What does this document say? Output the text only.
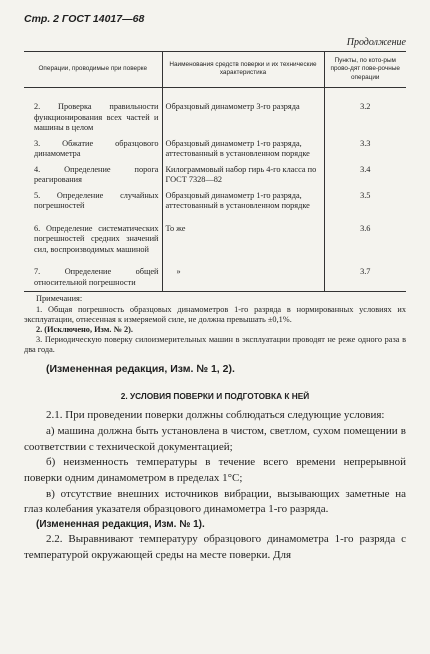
Стр. 2 ГОСТ 14017—68
Продолжение
Операции, проводимые при поверке	Наименования средств поверки и их технические характеристика	Пункты, по кото-рым прово-дят пове-рочные операции
2. Проверка правильности функционирования всех частей и машины в целом	Образцовый динамометр 3-го разряда	3.2
3. Обжатие образцового динамометра	Образцовый динамометр 1-го разряда, аттестованный в установленном порядке	3.3
4. Определение порога реагирования	Килограммовый набор гирь 4-го класса по ГОСТ 7328—82	3.4
5. Определение случайных погрешностей	Образцовый динамометр 1-го разряда, аттестованный в установленном порядке	3.5
6. Определение систематических погрешностей средних значений сил, воспроизводимых машиной	То же	3.6
7. Определение общей относительной погрешности	»	3.7
Примечания:

1. Общая погрешность образцовых динамометров 1-го разряда в нормированных условиях их эксплуатации, отнесенная к измеряемой силе, не должна превышать ±0,1%.

2. (Исключено, Изм. № 2).

3. Периодическую поверку силоизмерительных машин в эксплуатации проводят не реже одного раза в два года.

(Измененная редакция, Изм. № 1, 2).
2. УСЛОВИЯ ПОВЕРКИ И ПОДГОТОВКА К НЕЙ

2.1. При проведении поверки должны соблюдаться следующие условия:

а) машина должна быть установлена в чистом, светлом, сухом помещении в соответствии с технической документацией;

б) неизменность температуры в течение всего времени непрерывной поверки одним динамометром в пределах 1°C;

в) отсутствие внешних источников вибрации, вызывающих заметные на глаз колебания указателя образцового динамометра 1-го разряда.

(Измененная редакция, Изм. № 1).

2.2. Выравнивают температуру образцового динамометра 1-го разряда с температурой окружающей среды на месте поверки. Для
